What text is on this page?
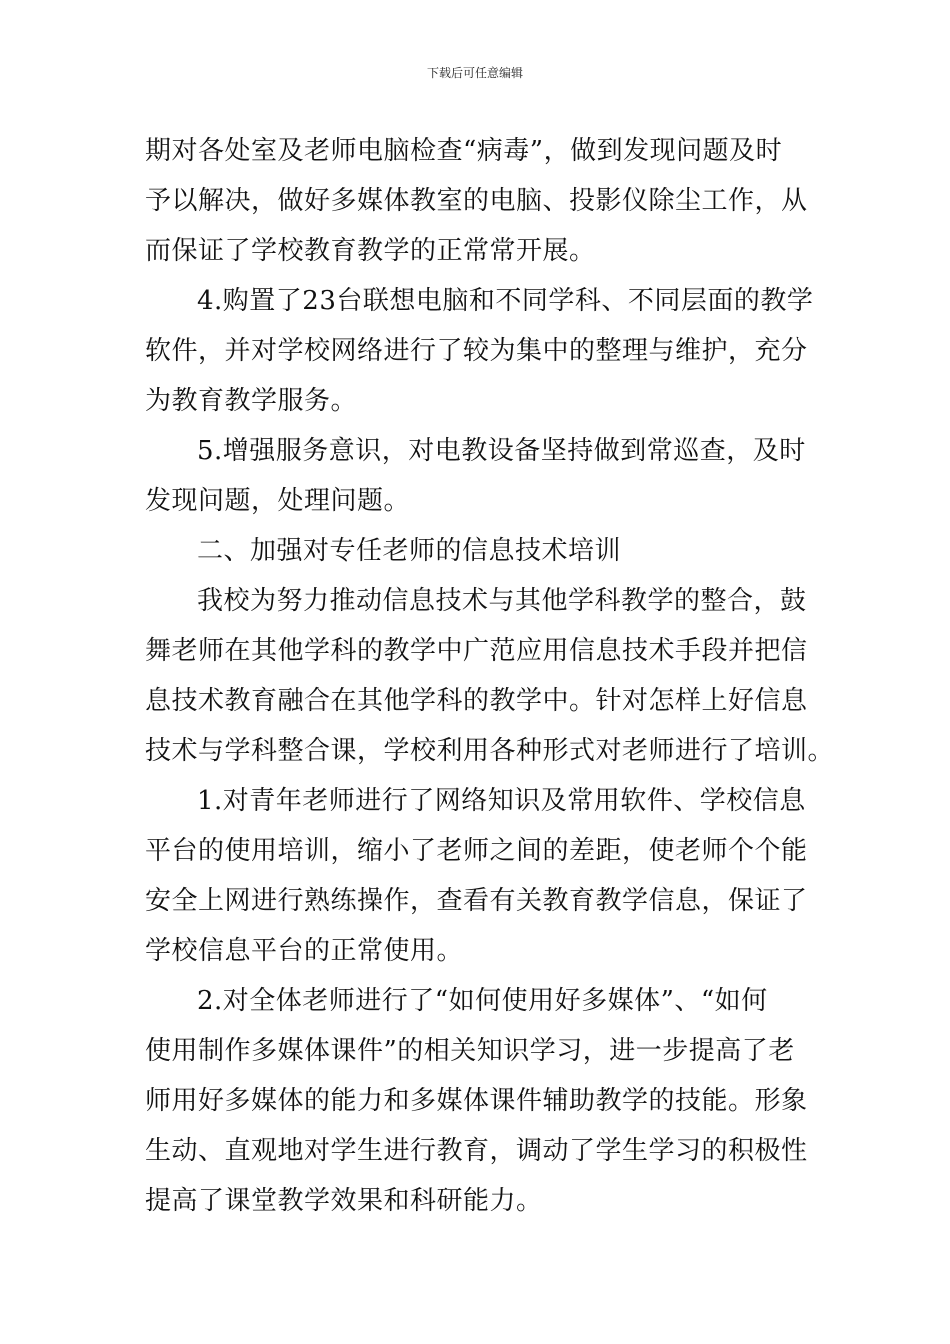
下载后可任意编辑

期对各处室及老师电脑检查“病毒”，做到发现问题及时
予以解决，做好多媒体教室的电脑、投影仪除尘工作，从
而保证了学校教育教学的正常常开展。

4.购置了23台联想电脑和不同学科、不同层面的教学
软件，并对学校网络进行了较为集中的整理与维护，充分
为教育教学服务。

5.增强服务意识，对电教设备坚持做到常巡查，及时
发现问题，处理问题。

二、加强对专任老师的信息技术培训

我校为努力推动信息技术与其他学科教学的整合，鼓
舞老师在其他学科的教学中广范应用信息技术手段并把信
息技术教育融合在其他学科的教学中。针对怎样上好信息
技术与学科整合课，学校利用各种形式对老师进行了培训。

1.对青年老师进行了网络知识及常用软件、学校信息
平台的使用培训，缩小了老师之间的差距，使老师个个能
安全上网进行熟练操作，查看有关教育教学信息，保证了
学校信息平台的正常使用。

2.对全体老师进行了“如何使用好多媒体”、“如何
使用制作多媒体课件”的相关知识学习，进一步提高了老
师用好多媒体的能力和多媒体课件辅助教学的技能。形象
生动、直观地对学生进行教育，调动了学生学习的积极性
提高了课堂教学效果和科研能力。
